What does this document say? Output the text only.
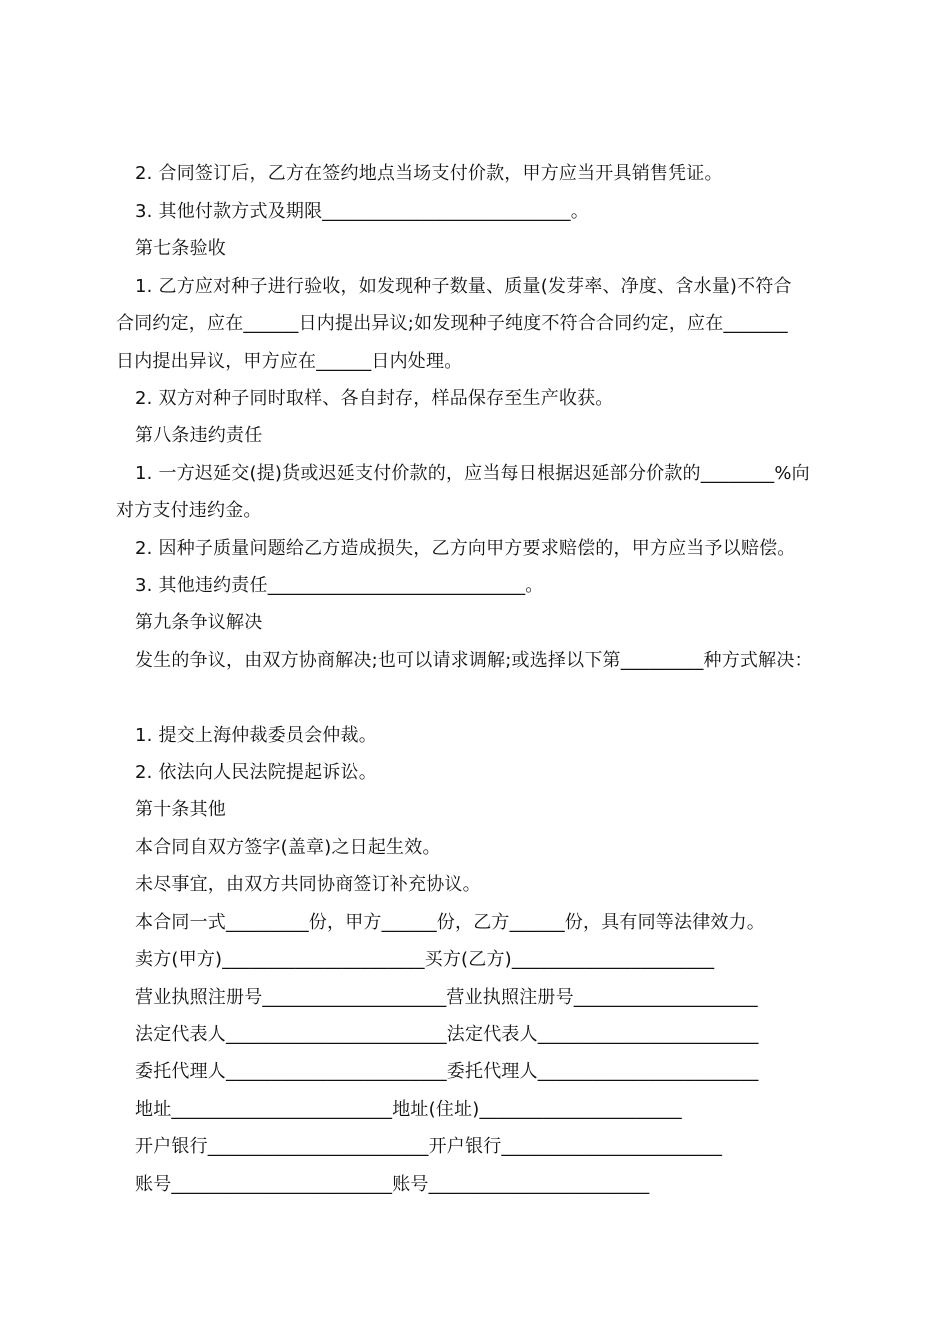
2. 合同签订后，乙方在签约地点当场支付价款，甲方应当开具销售凭证。
3. 其他付款方式及期限___________________________。
第七条验收
1. 乙方应对种子进行验收，如发现种子数量、质量(发芽率、净度、含水量)不符合
合同约定，应在______日内提出异议;如发现种子纯度不符合合同约定，应在_______
日内提出异议，甲方应在______日内处理。
2. 双方对种子同时取样、各自封存，样品保存至生产收获。
第八条违约责任
1. 一方迟延交(提)货或迟延支付价款的，应当每日根据迟延部分价款的________%向
对方支付违约金。
2. 因种子质量问题给乙方造成损失，乙方向甲方要求赔偿的，甲方应当予以赔偿。
3. 其他违约责任____________________________。
第九条争议解决
发生的争议，由双方协商解决;也可以请求调解;或选择以下第_________种方式解决：
1. 提交上海仲裁委员会仲裁。
2. 依法向人民法院提起诉讼。
第十条其他
本合同自双方签字(盖章)之日起生效。
未尽事宜，由双方共同协商签订补充协议。
本合同一式_________份，甲方______份，乙方______份，具有同等法律效力。
卖方(甲方)______________________买方(乙方)______________________
营业执照注册号____________________营业执照注册号____________________
法定代表人________________________法定代表人________________________
委托代理人________________________委托代理人________________________
地址________________________地址(住址)______________________
开户银行________________________开户银行________________________
账号________________________账号________________________
